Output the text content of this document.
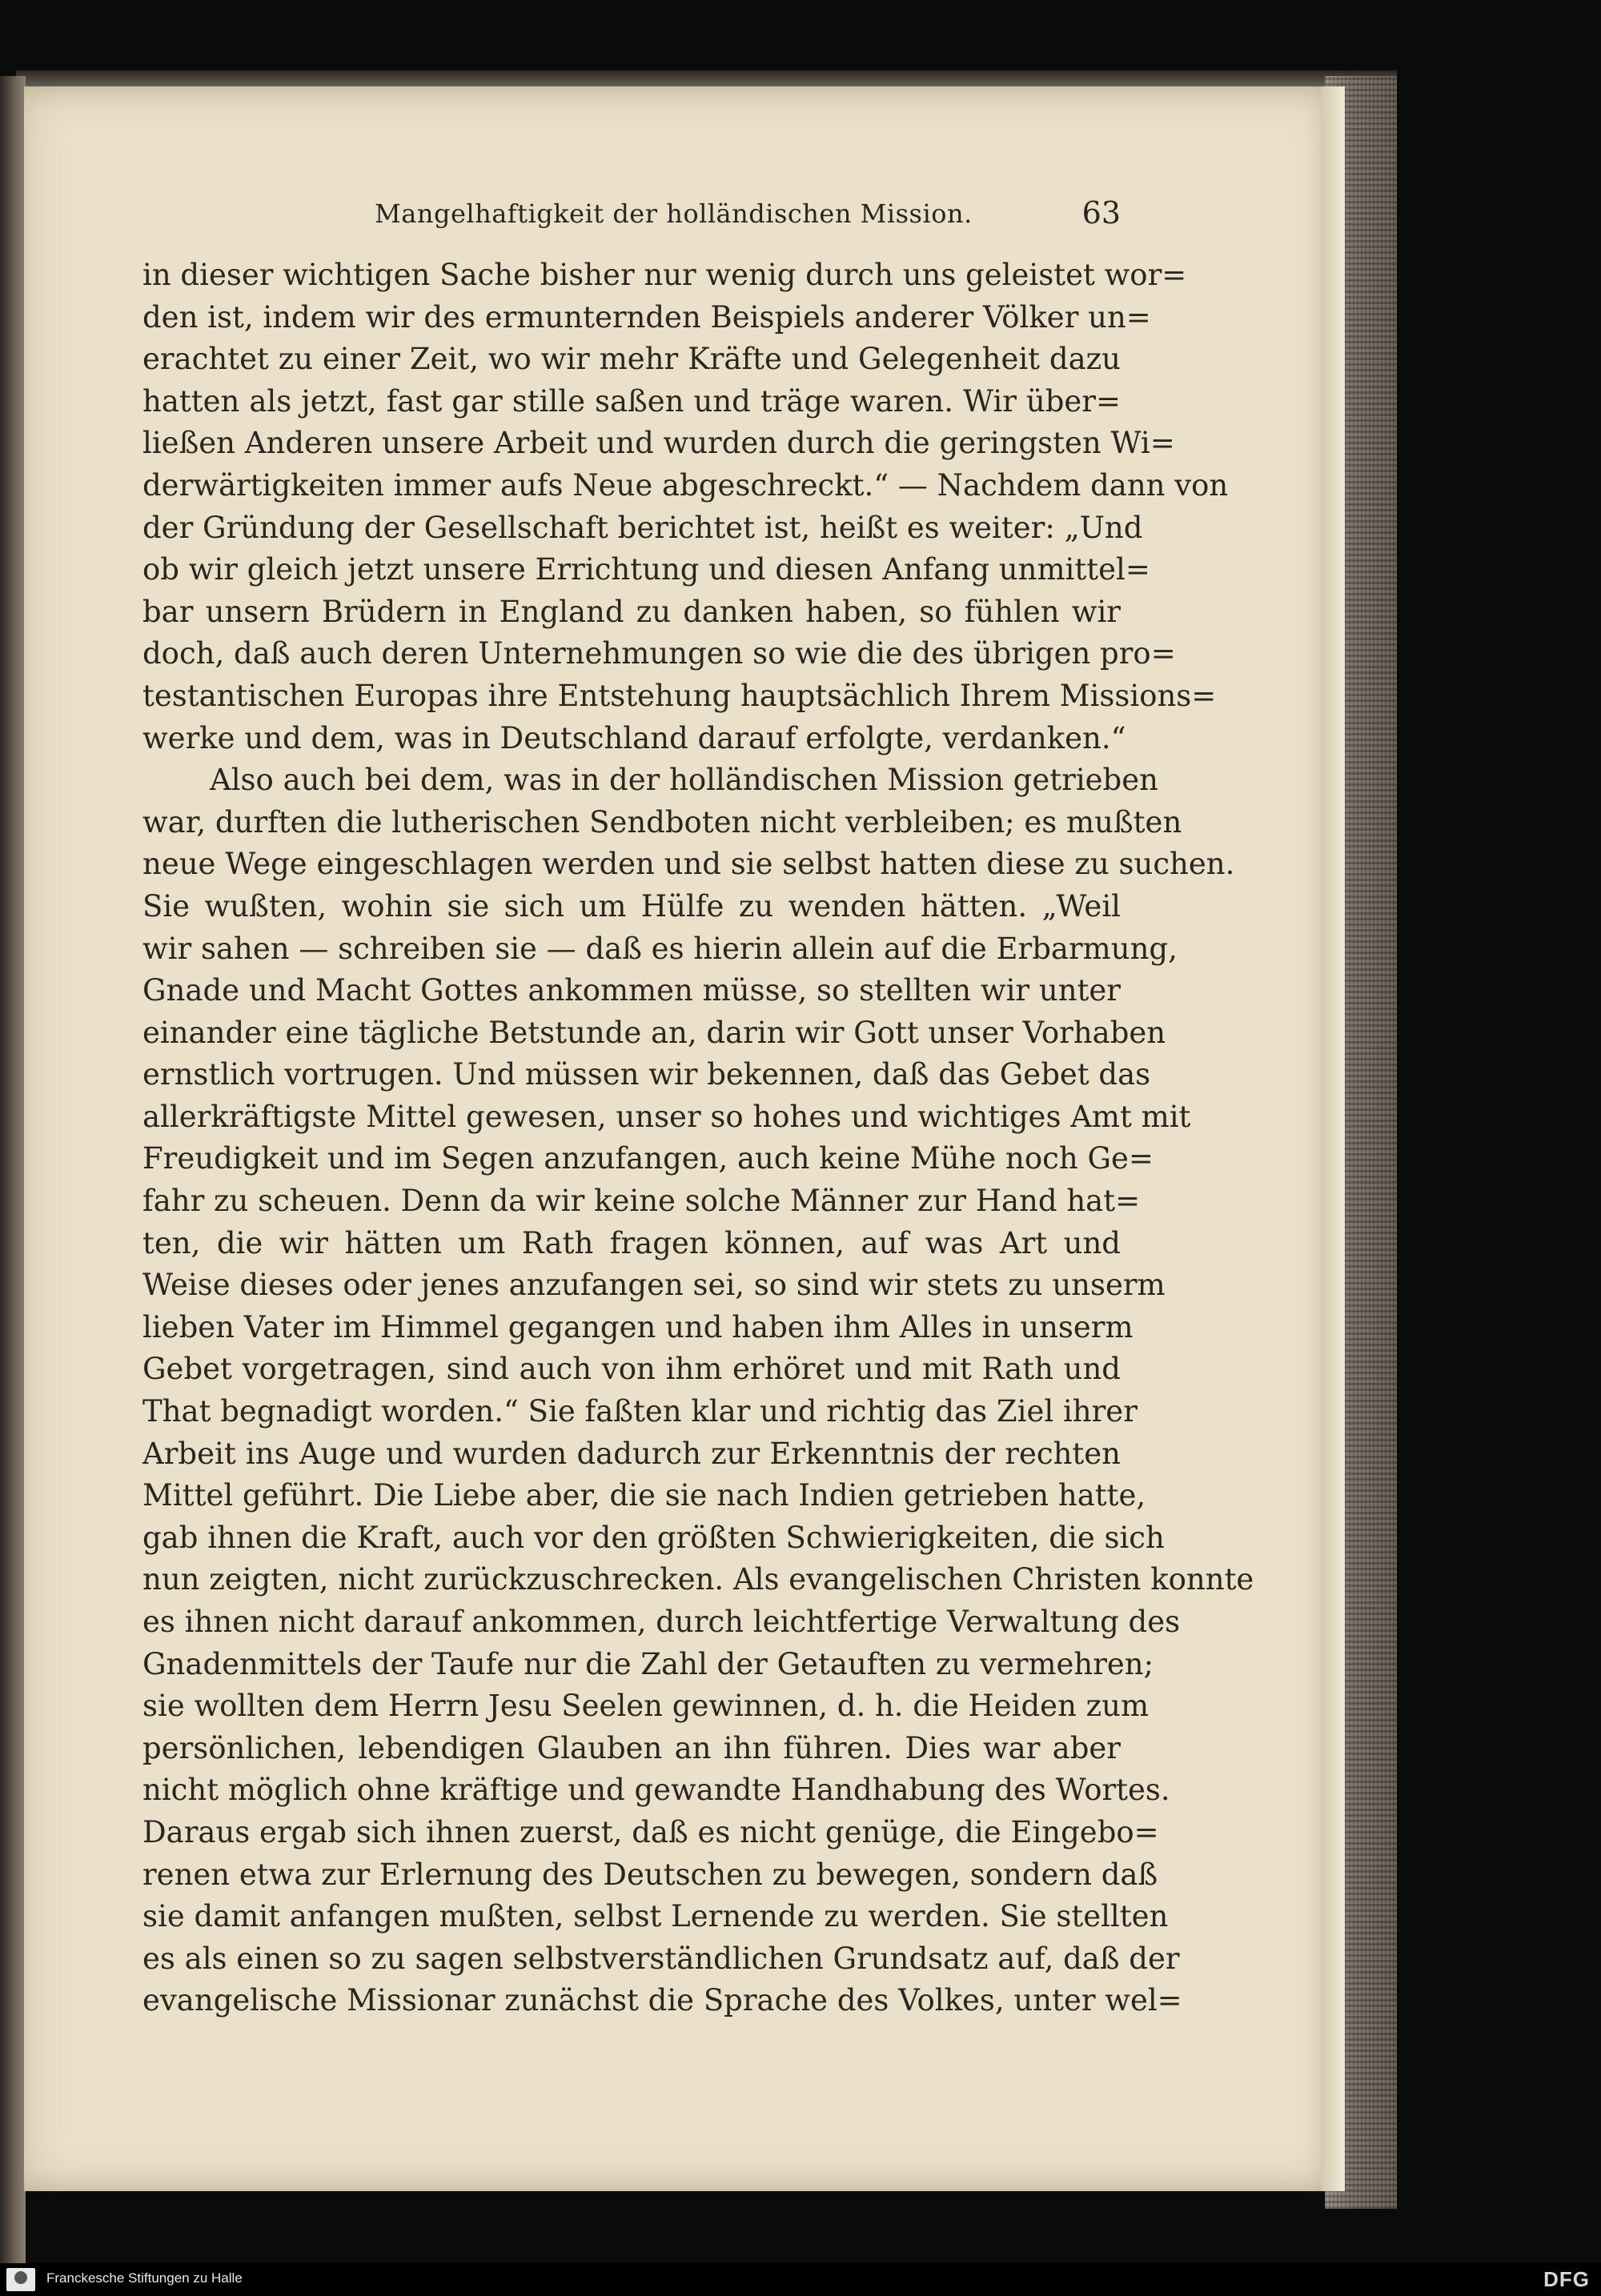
Mangelhaftigkeit der holländischen Mission.	63
in dieser wichtigen Sache bisher nur wenig durch uns geleistet wor=
den ist, indem wir des ermunternden Beispiels anderer Völker un=
erachtet zu einer Zeit, wo wir mehr Kräfte und Gelegenheit dazu
hatten als jetzt, fast gar stille saßen und träge waren. Wir über=
ließen Anderen unsere Arbeit und wurden durch die geringsten Wi=
derwärtigkeiten immer aufs Neue abgeschreckt.“ — Nachdem dann von
der Gründung der Gesellschaft berichtet ist, heißt es weiter: „Und
ob wir gleich jetzt unsere Errichtung und diesen Anfang unmittel=
bar unsern Brüdern in England zu danken haben, so fühlen wir
doch, daß auch deren Unternehmungen so wie die des übrigen pro=
testantischen Europas ihre Entstehung hauptsächlich Ihrem Missions=
werke und dem, was in Deutschland darauf erfolgte, verdanken.“
Also auch bei dem, was in der holländischen Mission getrieben
war, durften die lutherischen Sendboten nicht verbleiben; es mußten
neue Wege eingeschlagen werden und sie selbst hatten diese zu suchen.
Sie wußten, wohin sie sich um Hülfe zu wenden hätten. „Weil
wir sahen — schreiben sie — daß es hierin allein auf die Erbarmung,
Gnade und Macht Gottes ankommen müsse, so stellten wir unter
einander eine tägliche Betstunde an, darin wir Gott unser Vorhaben
ernstlich vortrugen. Und müssen wir bekennen, daß das Gebet das
allerkräftigste Mittel gewesen, unser so hohes und wichtiges Amt mit
Freudigkeit und im Segen anzufangen, auch keine Mühe noch Ge=
fahr zu scheuen. Denn da wir keine solche Männer zur Hand hat=
ten, die wir hätten um Rath fragen können, auf was Art und
Weise dieses oder jenes anzufangen sei, so sind wir stets zu unserm
lieben Vater im Himmel gegangen und haben ihm Alles in unserm
Gebet vorgetragen, sind auch von ihm erhöret und mit Rath und
That begnadigt worden.“ Sie faßten klar und richtig das Ziel ihrer
Arbeit ins Auge und wurden dadurch zur Erkenntnis der rechten
Mittel geführt. Die Liebe aber, die sie nach Indien getrieben hatte,
gab ihnen die Kraft, auch vor den größten Schwierigkeiten, die sich
nun zeigten, nicht zurückzuschrecken. Als evangelischen Christen konnte
es ihnen nicht darauf ankommen, durch leichtfertige Verwaltung des
Gnadenmittels der Taufe nur die Zahl der Getauften zu vermehren;
sie wollten dem Herrn Jesu Seelen gewinnen, d. h. die Heiden zum
persönlichen, lebendigen Glauben an ihn führen. Dies war aber
nicht möglich ohne kräftige und gewandte Handhabung des Wortes.
Daraus ergab sich ihnen zuerst, daß es nicht genüge, die Eingebo=
renen etwa zur Erlernung des Deutschen zu bewegen, sondern daß
sie damit anfangen mußten, selbst Lernende zu werden. Sie stellten
es als einen so zu sagen selbstverständlichen Grundsatz auf, daß der
evangelische Missionar zunächst die Sprache des Volkes, unter wel=
Franckesche Stiftungen zu Halle	DFG
